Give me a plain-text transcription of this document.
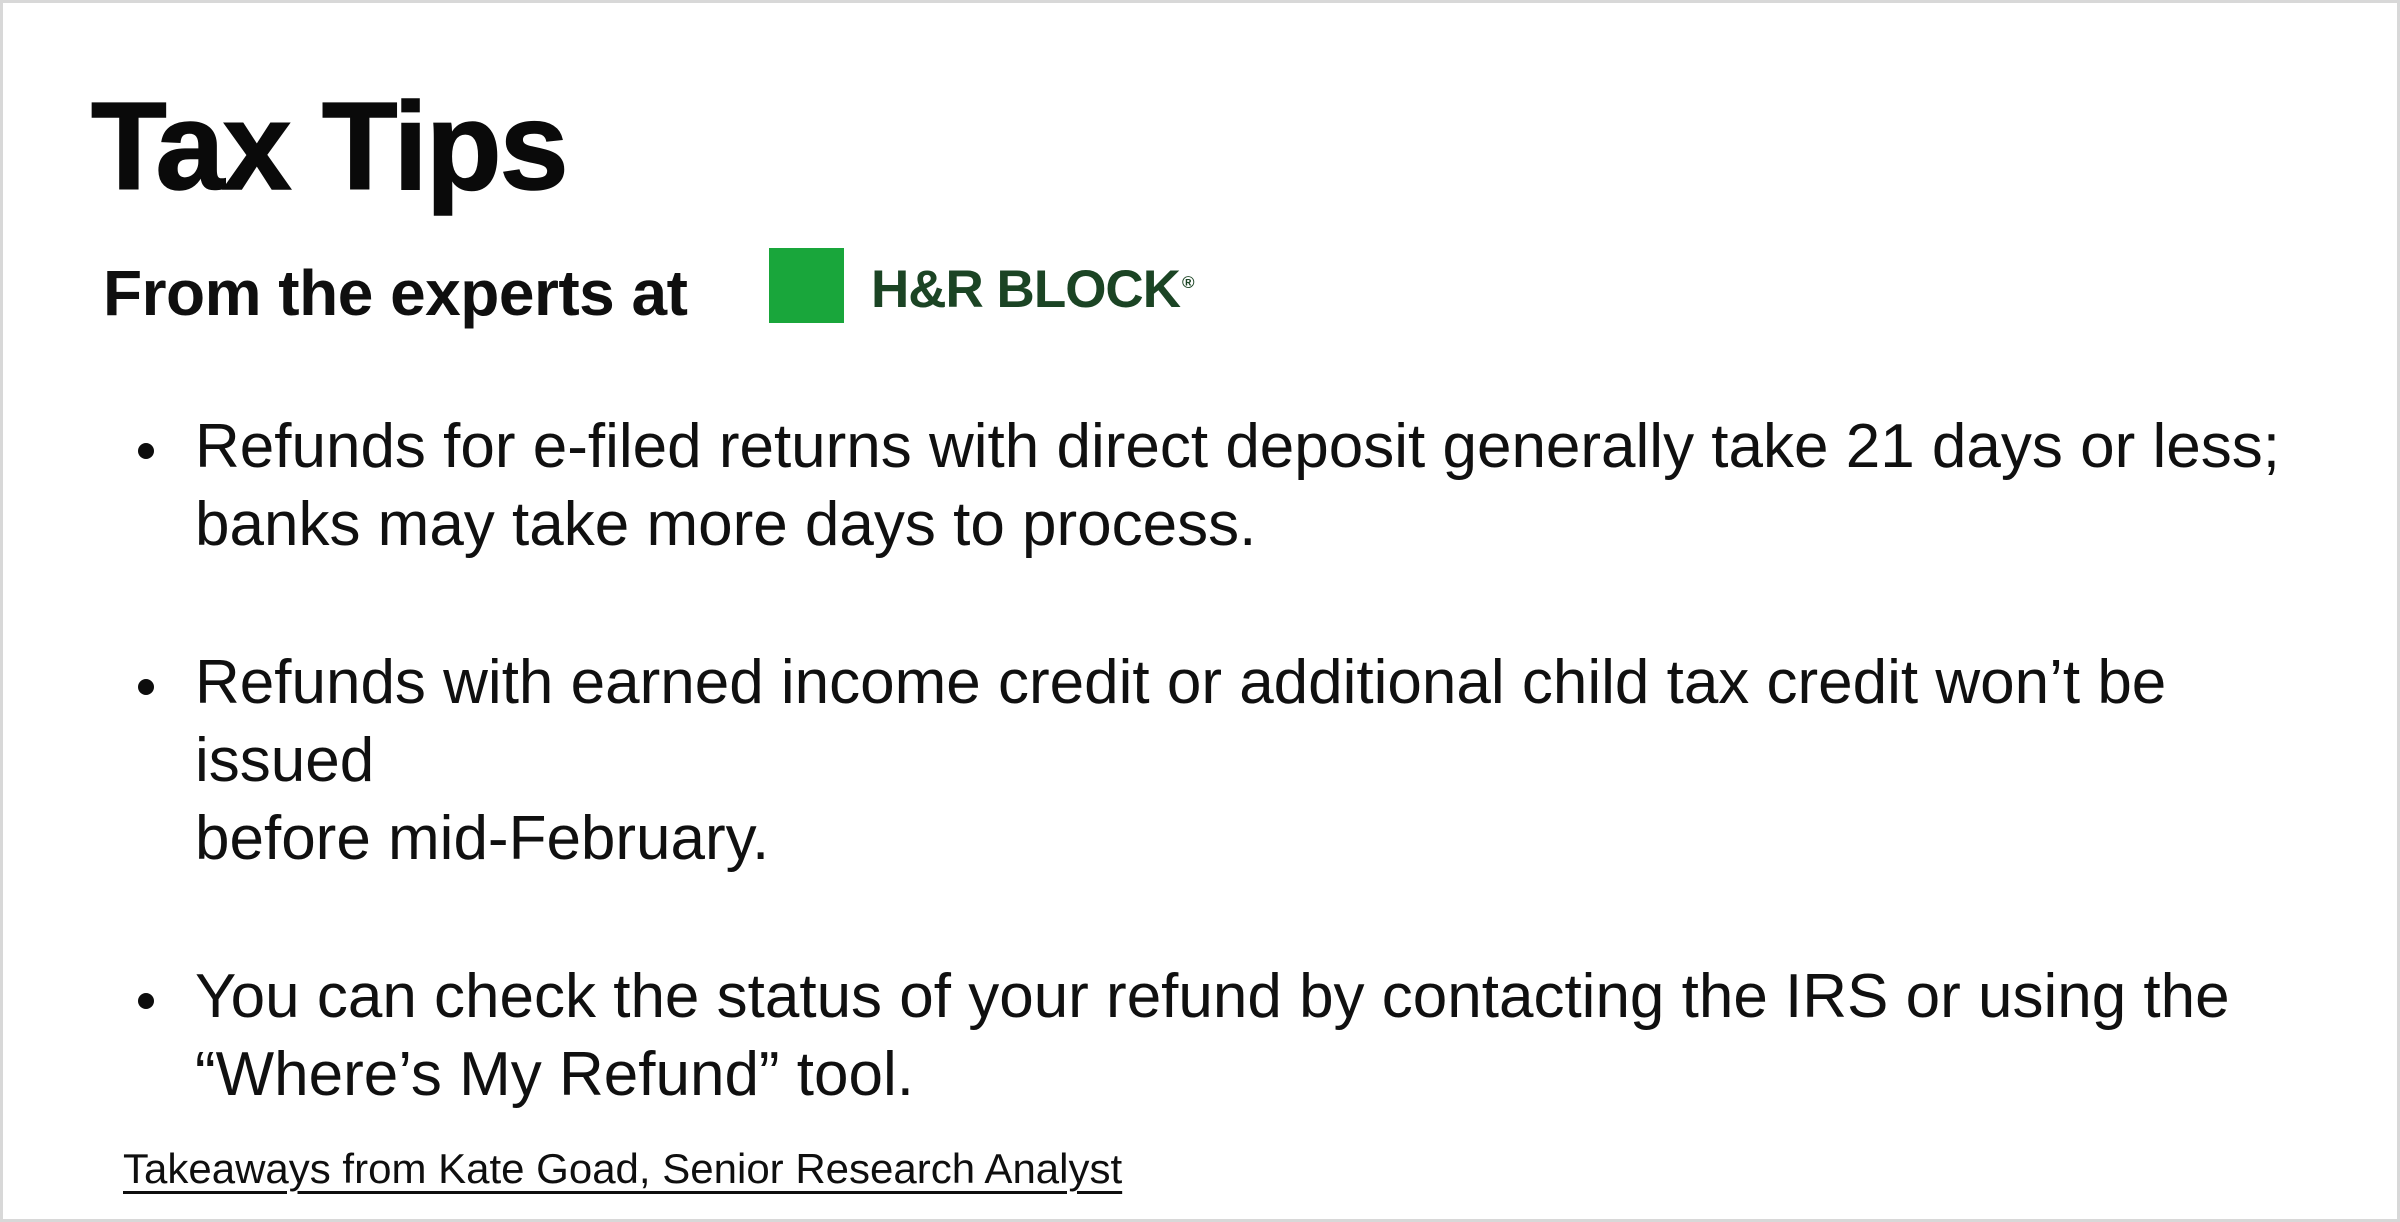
Tax Tips
From the experts at	H&R BLOCK ®
Refunds for e-filed returns with direct deposit generally take 21 days or less;
banks may take more days to process.
Refunds with earned income credit or additional child tax credit won’t be issued
before mid-February.
You can check the status of your refund by contacting the IRS or using the
“Where’s My Refund” tool.
Takeaways from Kate Goad, Senior Research Analyst
